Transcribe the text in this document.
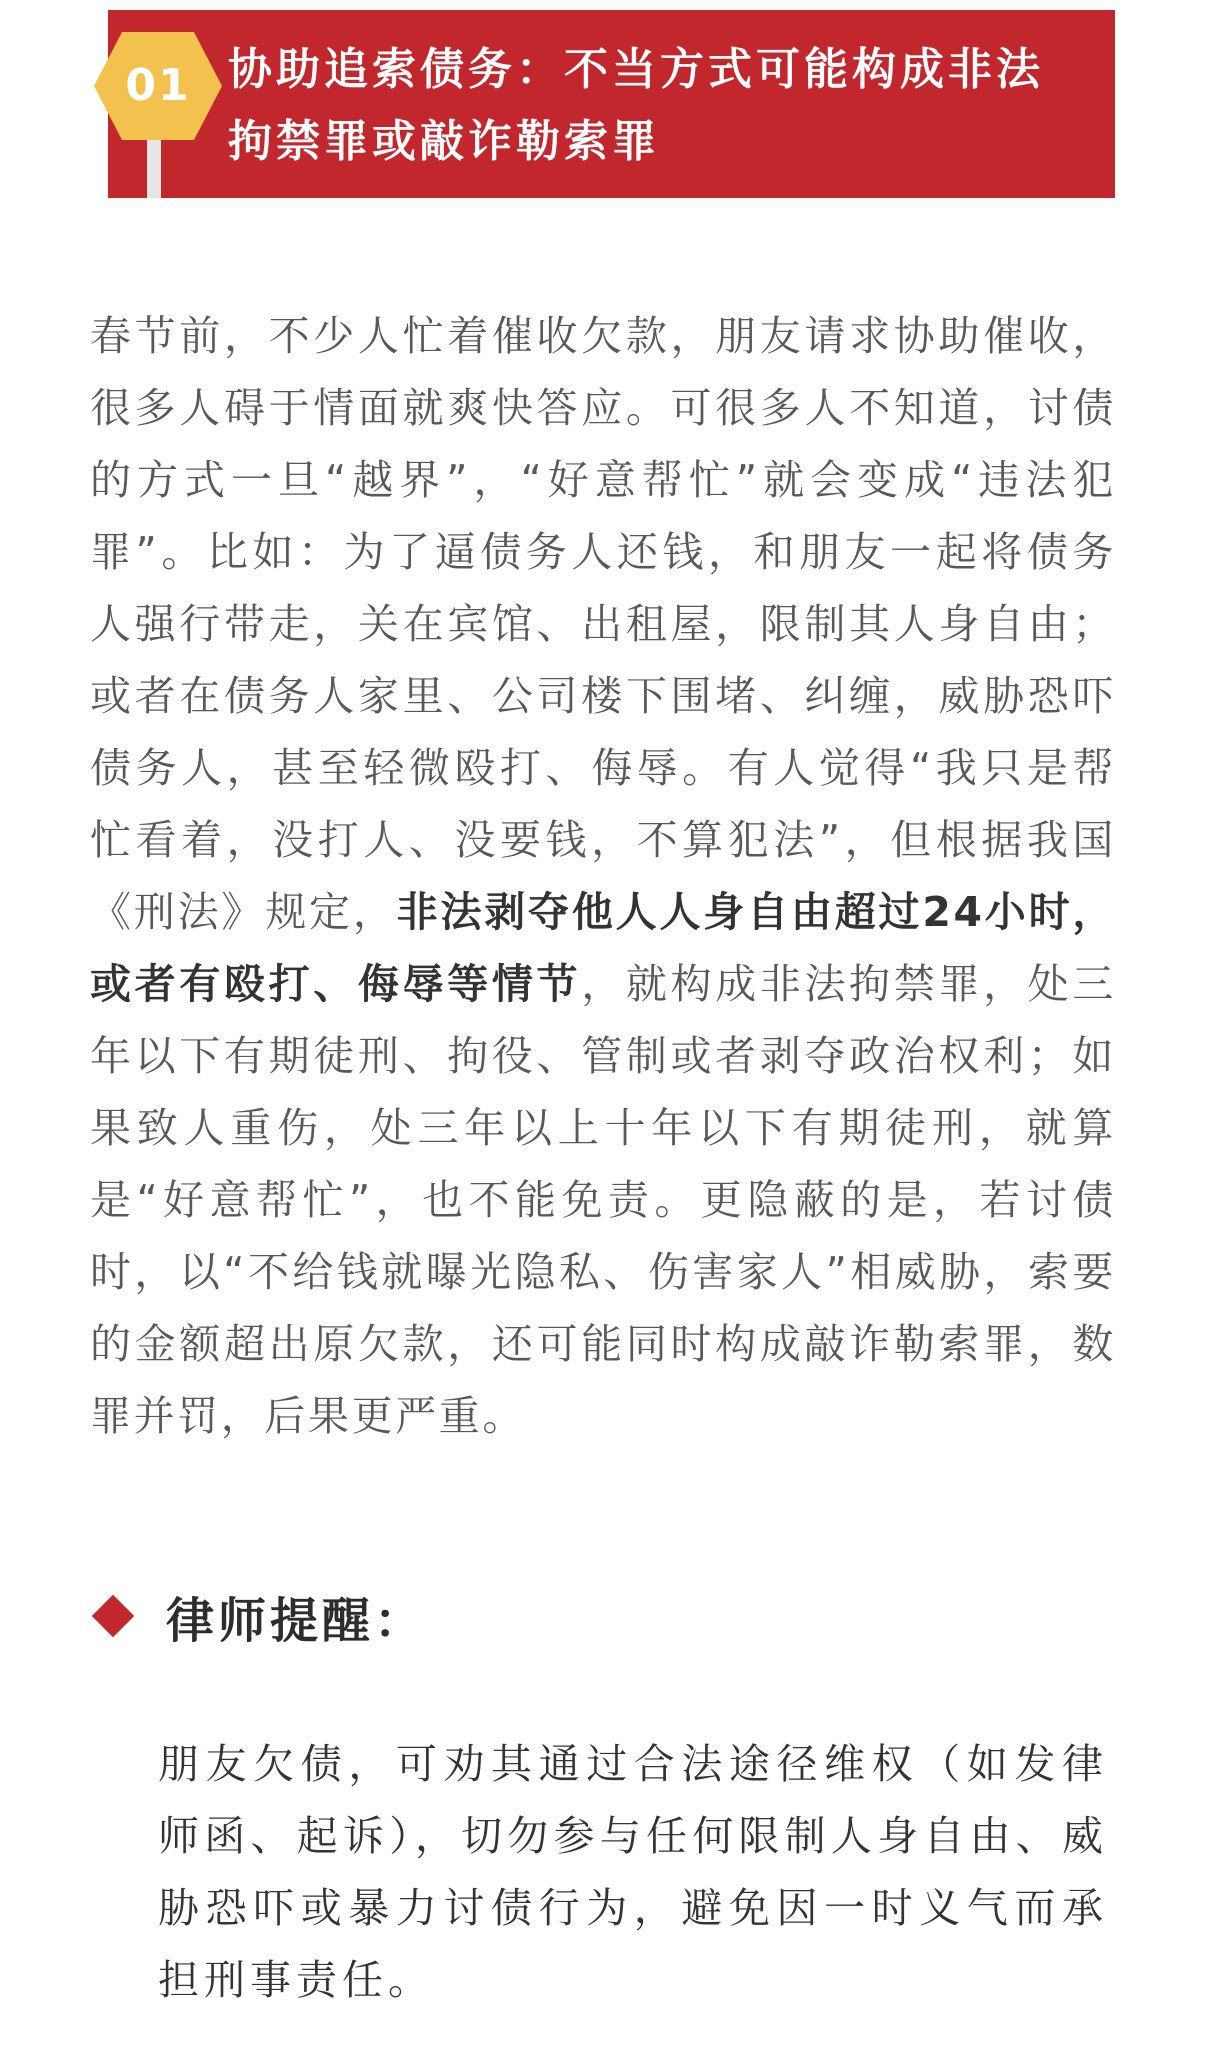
01 协助追索债务：不当方式可能构成非法拘禁罪或敲诈勒索罪

春节前，不少人忙着催收欠款，朋友请求协助催收，很多人碍于情面就爽快答应。可很多人不知道，讨债的方式一旦“越界”，“好意帮忙”就会变成“违法犯罪”。比如：为了逼债务人还钱，和朋友一起将债务人强行带走，关在宾馆、出租屋，限制其人身自由；或者在债务人家里、公司楼下围堵、纠缠，威胁恐吓债务人，甚至轻微殴打、侮辱。有人觉得“我只是帮忙看着，没打人、没要钱，不算犯法”，但根据我国《刑法》规定，非法剥夺他人人身自由超过24小时，或者有殴打、侮辱等情节，就构成非法拘禁罪，处三年以下有期徒刑、拘役、管制或者剥夺政治权利；如果致人重伤，处三年以上十年以下有期徒刑，就算是“好意帮忙”，也不能免责。更隐蔽的是，若讨债时，以“不给钱就曝光隐私、伤害家人”相威胁，索要的金额超出原欠款，还可能同时构成敲诈勒索罪，数罪并罚，后果更严重。

律师提醒：

朋友欠债，可劝其通过合法途径维权（如发律师函、起诉），切勿参与任何限制人身自由、威胁恐吓或暴力讨债行为，避免因一时义气而承担刑事责任。
